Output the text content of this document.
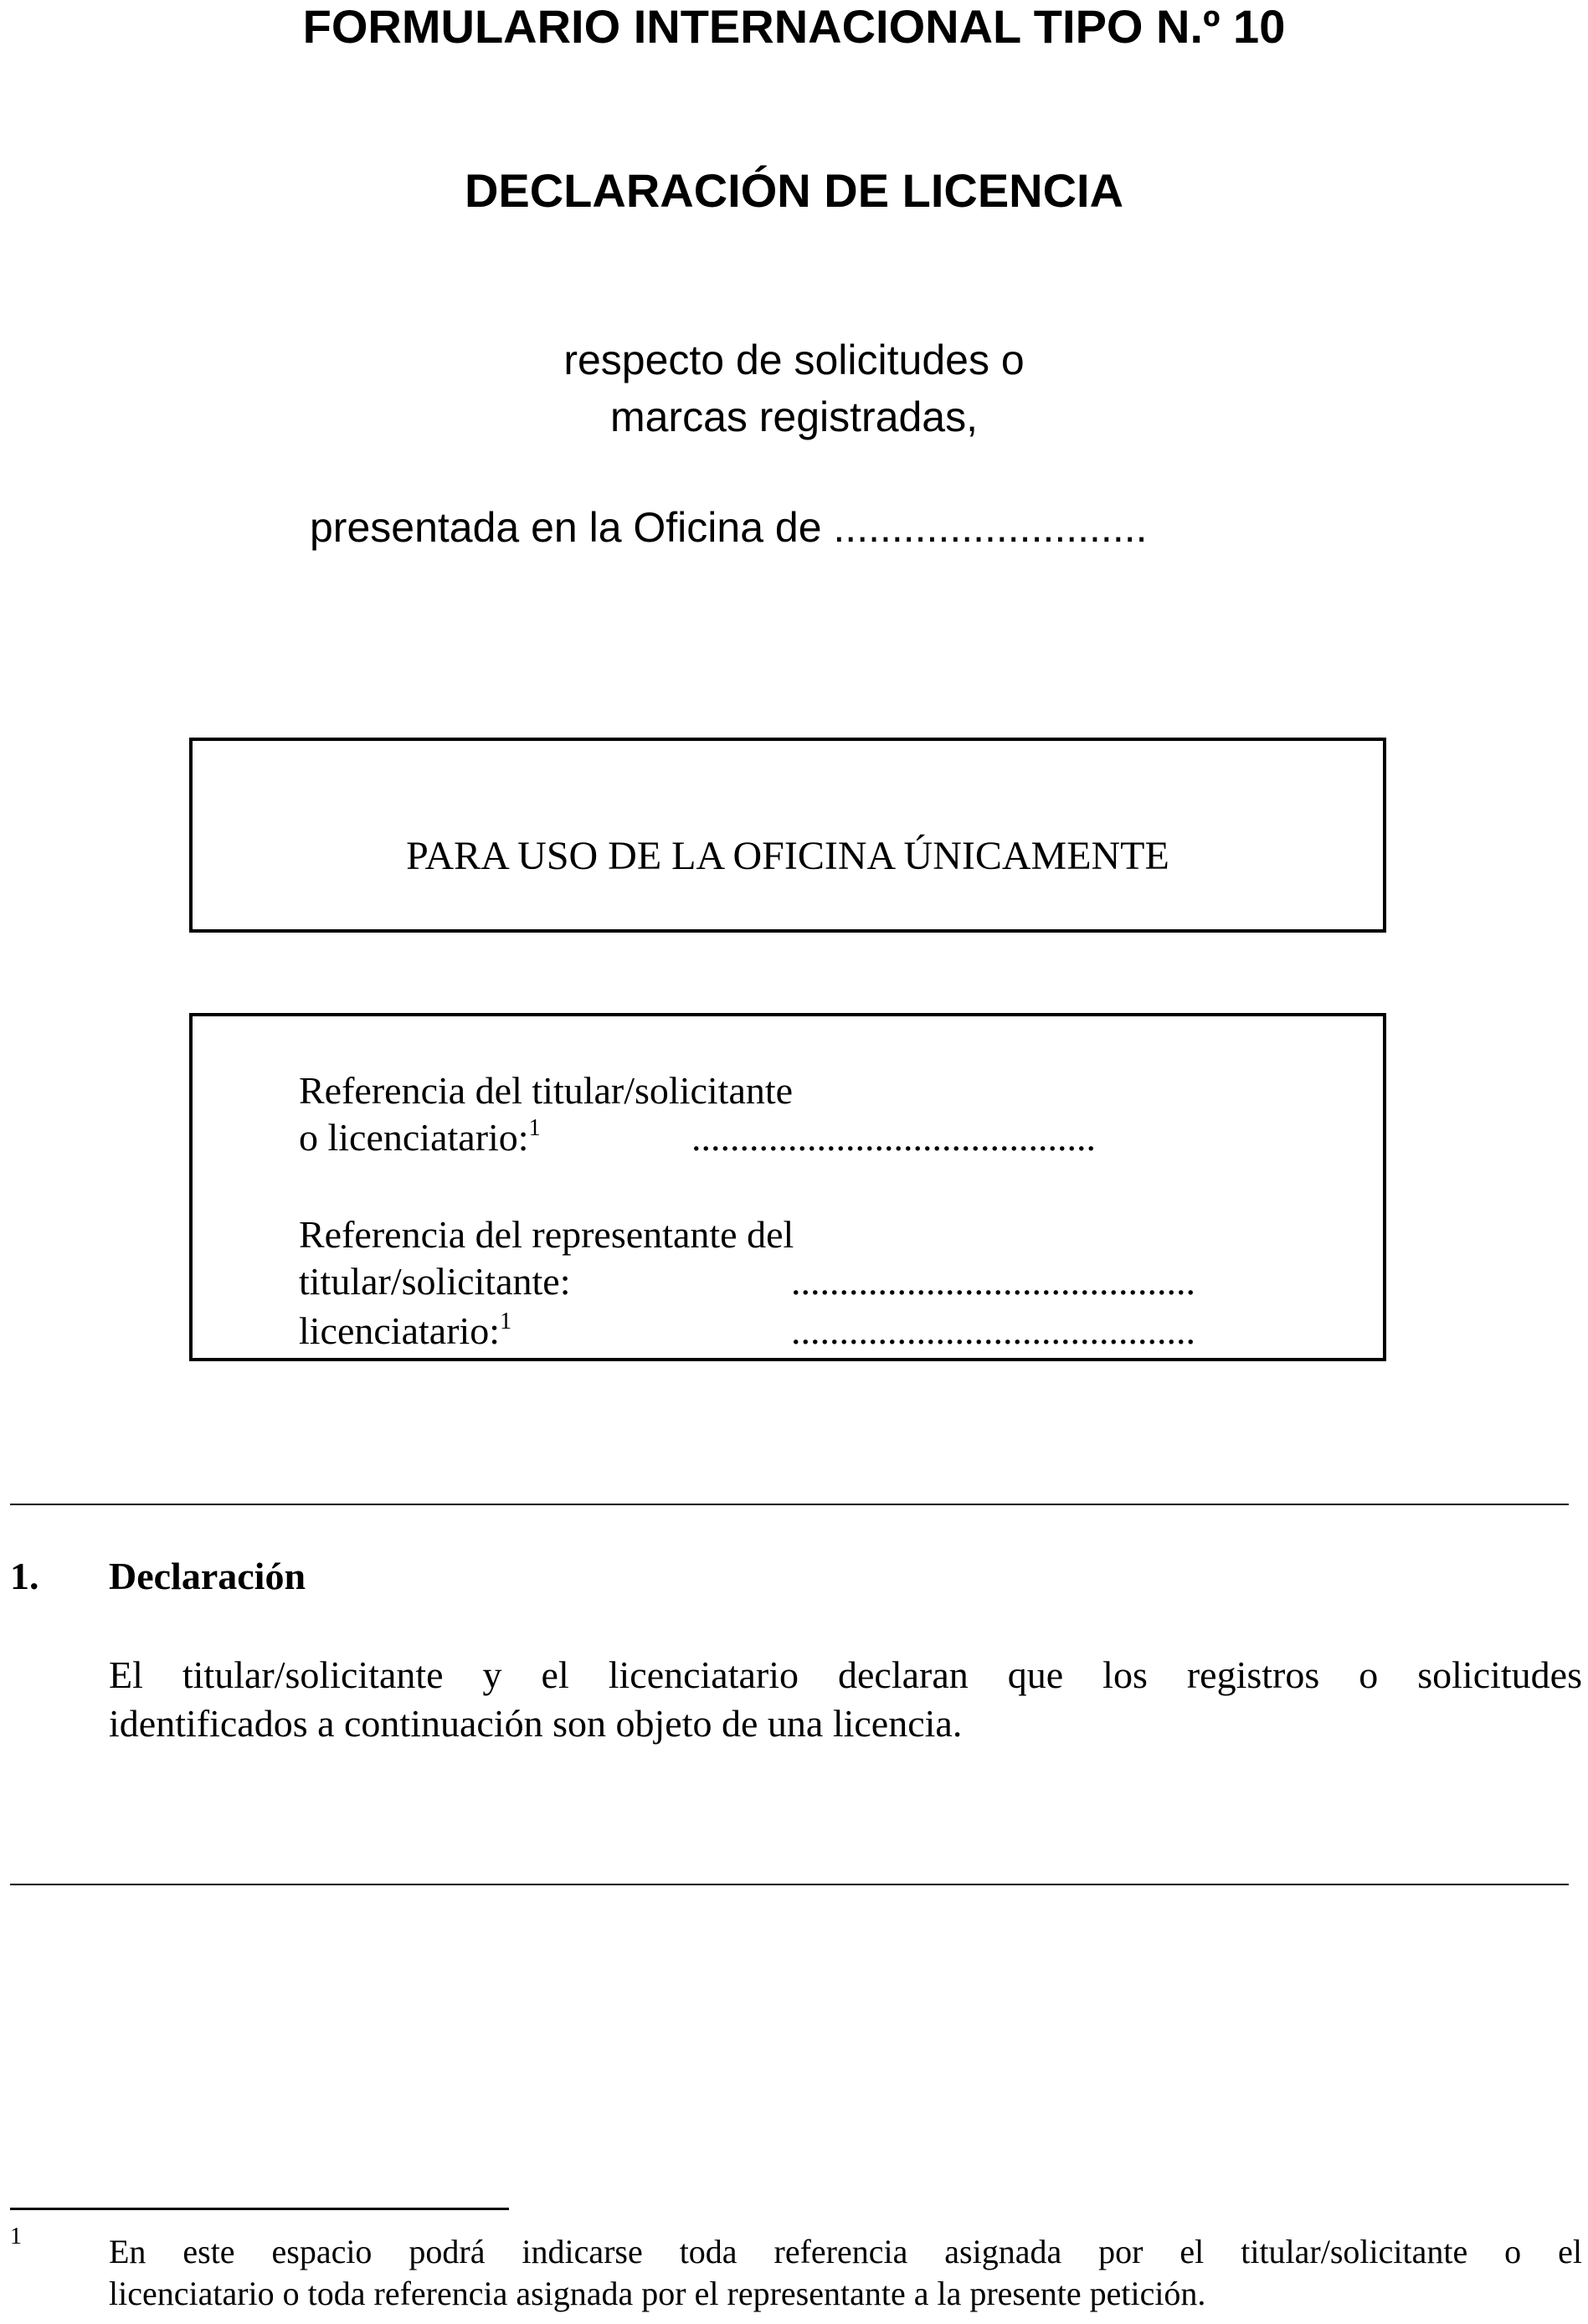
FORMULARIO INTERNACIONAL TIPO N.º 10
DECLARACIÓN DE LICENCIA
respecto de solicitudes o
marcas registradas,
presentada en la Oficina de ...........................
PARA USO DE LA OFICINA ÚNICAMENTE
Referencia del titular/solicitante
o licenciatario:$^1$	..........................................
Referencia del representante del
titular/solicitante:	..........................................
licenciatario:$^1$	..........................................
1. Declaración
El titular/solicitante y el licenciatario declaran que los registros o solicitudes
identificados a continuación son objeto de una licencia.
1	En este espacio podrá indicarse toda referencia asignada por el titular/solicitante o el
licenciatario o toda referencia asignada por el representante a la presente petición.
